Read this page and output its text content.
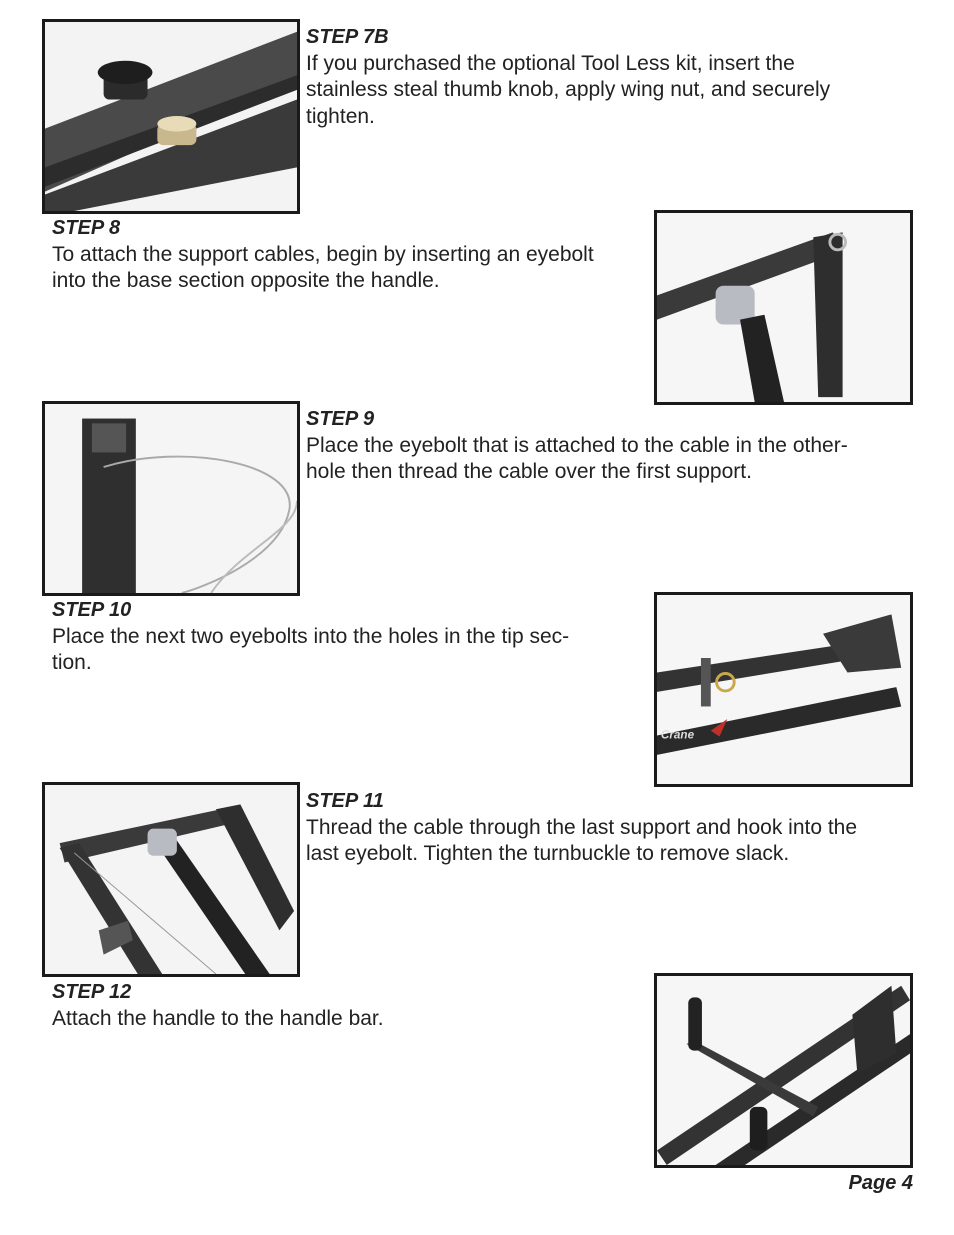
STEP 7B
If you purchased the optional Tool Less kit, insert the
stainless steal thumb knob, apply wing nut, and securely
tighten.
STEP 8
To attach the support cables, begin by inserting an eyebolt
into the base section opposite the handle.
STEP 9
Place the eyebolt that is attached to the cable in the other-
hole then thread the cable over the first support.
STEP 10
Place the next two eyebolts into the holes in the tip sec-
tion.
Crane
STEP 11
Thread the cable through the last support and hook into the
last eyebolt. Tighten the turnbuckle to remove slack.
STEP 12
Attach the handle to the handle bar.
Page 4
